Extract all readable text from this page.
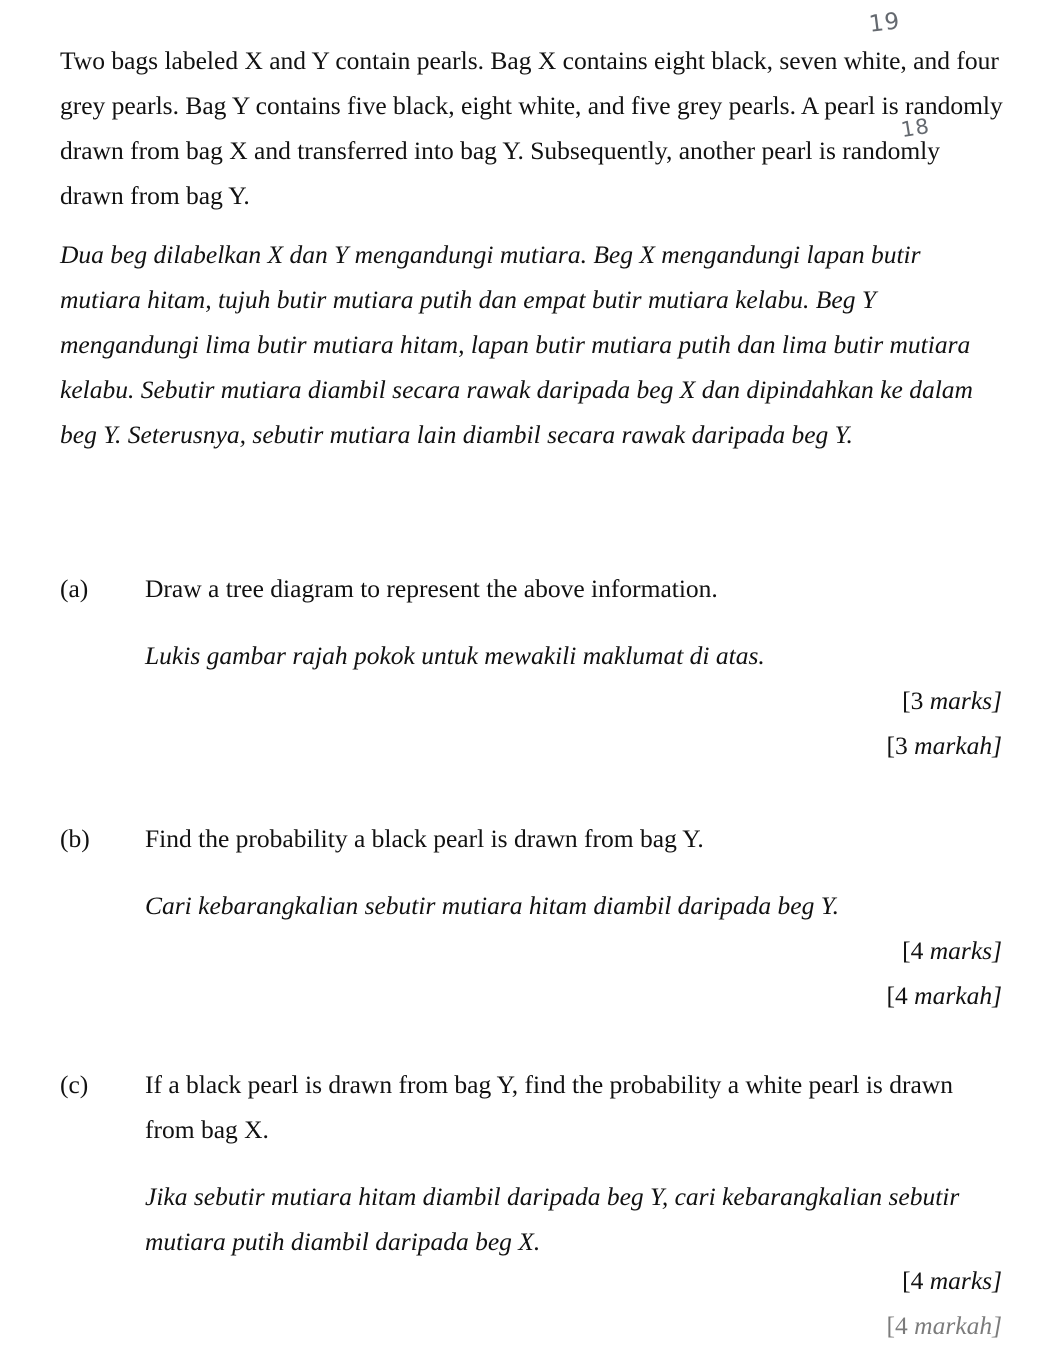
19
18

Two bags labeled X and Y contain pearls. Bag X contains eight black, seven white, and four grey pearls. Bag Y contains five black, eight white, and five grey pearls. A pearl is randomly drawn from bag X and transferred into bag Y. Subsequently, another pearl is randomly drawn from bag Y.

Dua beg dilabelkan X dan Y mengandungi mutiara. Beg X mengandungi lapan butir mutiara hitam, tujuh butir mutiara putih dan empat butir mutiara kelabu. Beg Y mengandungi lima butir mutiara hitam, lapan butir mutiara putih dan lima butir mutiara kelabu. Sebutir mutiara diambil secara rawak daripada beg X dan dipindahkan ke dalam beg Y. Seterusnya, sebutir mutiara lain diambil secara rawak daripada beg Y.

(a)	Draw a tree diagram to represent the above information.

Lukis gambar rajah pokok untuk mewakili maklumat di atas.

[3 marks]
[3 markah]
(b)	Find the probability a black pearl is drawn from bag Y.

Cari kebarangkalian sebutir mutiara hitam diambil daripada beg Y.

[4 marks]
[4 markah]
(c)	If a black pearl is drawn from bag Y, find the probability a white pearl is drawn from bag X.

Jika sebutir mutiara hitam diambil daripada beg Y, cari kebarangkalian sebutir mutiara putih diambil daripada beg X.

[4 marks]
[4 markah]
